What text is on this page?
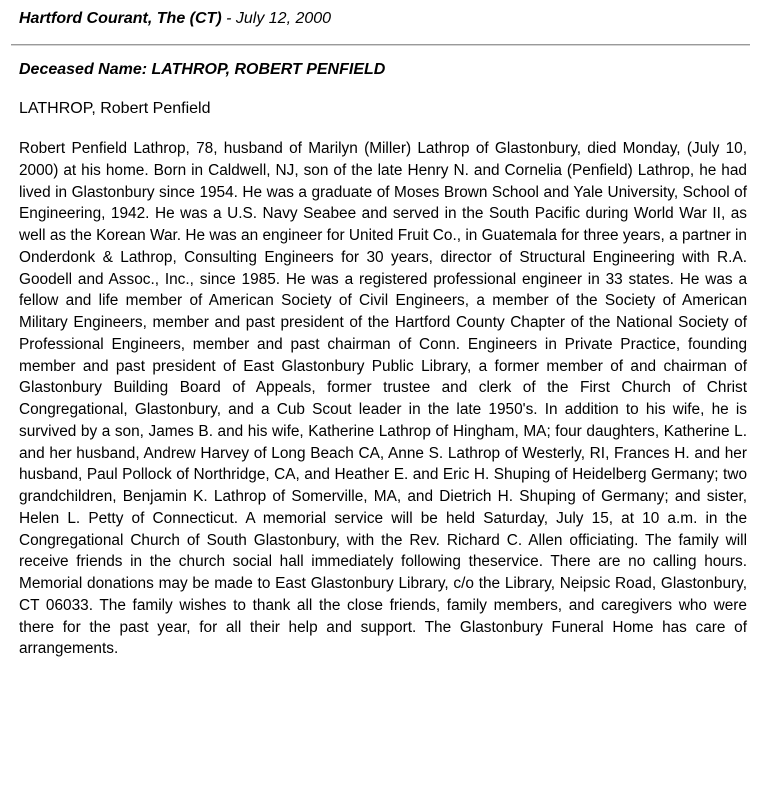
Hartford Courant, The (CT) - July 12, 2000
Deceased Name: LATHROP, ROBERT PENFIELD
LATHROP, Robert Penfield

Robert Penfield Lathrop, 78, husband of Marilyn (Miller) Lathrop of Glastonbury, died Monday, (July 10, 2000) at his home. Born in Caldwell, NJ, son of the late Henry N. and Cornelia (Penfield) Lathrop, he had lived in Glastonbury since 1954. He was a graduate of Moses Brown School and Yale University, School of Engineering, 1942. He was a U.S. Navy Seabee and served in the South Pacific during World War II, as well as the Korean War. He was an engineer for United Fruit Co., in Guatemala for three years, a partner in Onderdonk & Lathrop, Consulting Engineers for 30 years, director of Structural Engineering with R.A. Goodell and Assoc., Inc., since 1985. He was a registered professional engineer in 33 states. He was a fellow and life member of American Society of Civil Engineers, a member of the Society of American Military Engineers, member and past president of the Hartford County Chapter of the National Society of Professional Engineers, member and past chairman of Conn. Engineers in Private Practice, founding member and past president of East Glastonbury Public Library, a former member of and chairman of Glastonbury Building Board of Appeals, former trustee and clerk of the First Church of Christ Congregational, Glastonbury, and a Cub Scout leader in the late 1950's. In addition to his wife, he is survived by a son, James B. and his wife, Katherine Lathrop of Hingham, MA; four daughters, Katherine L. and her husband, Andrew Harvey of Long Beach CA, Anne S. Lathrop of Westerly, RI, Frances H. and her husband, Paul Pollock of Northridge, CA, and Heather E. and Eric H. Shuping of Heidelberg Germany; two grandchildren, Benjamin K. Lathrop of Somerville, MA, and Dietrich H. Shuping of Germany; and sister, Helen L. Petty of Connecticut. A memorial service will be held Saturday, July 15, at 10 a.m. in the Congregational Church of South Glastonbury, with the Rev. Richard C. Allen officiating. The family will receive friends in the church social hall immediately following theservice. There are no calling hours. Memorial donations may be made to East Glastonbury Library, c/o the Library, Neipsic Road, Glastonbury, CT 06033. The family wishes to thank all the close friends, family members, and caregivers who were there for the past year, for all their help and support. The Glastonbury Funeral Home has care of arrangements.
